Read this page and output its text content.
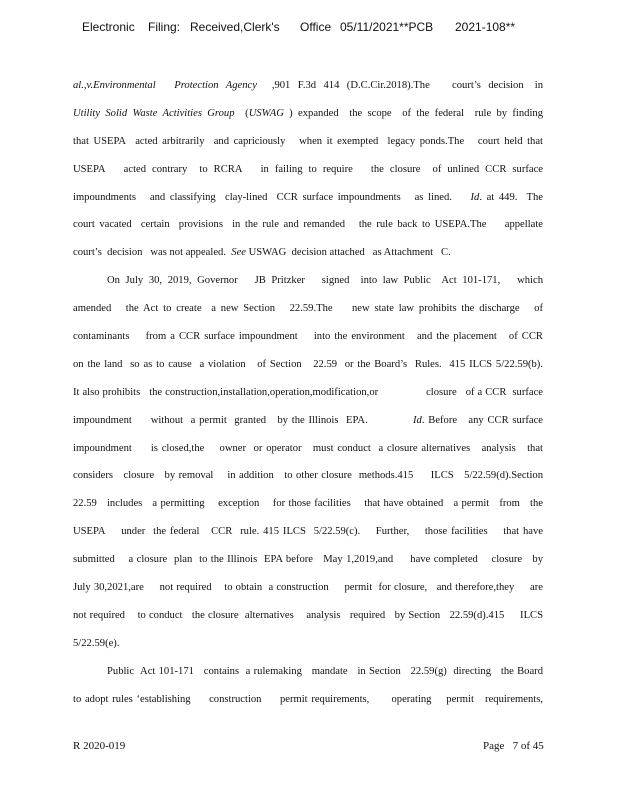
Electronic Filing: Received,Clerk's Office 05/11/2021**PCB 2021-108**
al.,v.Environmental     Protection  Agency    ,901  F.3d  414  (D.C.Cir.2018).The      court’s  decision   in
Utility Solid Waste Activities Group  (USWAG ) expanded  the scope  of the federal  rule by finding
that USEPA  acted arbitrarily  and capriciously   when it exempted  legacy ponds.The   court held that
USEPA   acted contrary  to RCRA   in failing to require   the closure  of unlined CCR surface
impoundments   and classifying  clay-lined  CCR surface impoundments   as lined.    Id. at 449.  The
court vacated  certain  provisions  in the rule and remanded   the rule back to USEPA.The    appellate
court’s  decision   was not appealed.  See USWAG  decision attached   as Attachment   C.
On July 30, 2019, Governor   JB Pritzker   signed  into law Public  Act 101-171,   which
amended   the Act to create  a new Section   22.59.The    new state law prohibits the discharge   of
contaminants    from a CCR surface impoundment    into the environment   and the placement   of CCR
on the land  so as to cause  a violation   of Section   22.59  or the Board’s  Rules.  415 ILCS 5/22.59(b).
It also prohibits   the construction,installation,operation,modification,or                closure   of a CCR  surface
impoundment     without  a permit  granted   by the Illinois  EPA.            Id. Before   any CCR surface
impoundment     is closed,the    owner  or operator   must conduct  a closure alternatives   analysis   that
considers   closure   by removal    in addition   to other closure  methods.415     ILCS   5/22.59(d).Section
22.59   includes   a permitting    exception    for those facilities    that have obtained   a permit   from   the
USEPA    under  the federal   CCR  rule. 415 ILCS  5/22.59(c).    Further,    those facilities    that have
submitted    a closure  plan  to the Illinois  EPA before   May 1,2019,and     have completed    closure   by
July 30,2021,are     not required    to obtain  a construction     permit  for closure,   and therefore,they     are
not required    to conduct   the closure  alternatives    analysis   required   by Section   22.59(d).415     ILCS
5/22.59(e).
Public  Act 101-171   contains  a rulemaking   mandate   in Section   22.59(g)  directing   the Board
to adopt rules ‘establishing     construction     permit requirements,      operating    permit   requirements,
R 2020-019	Page   7 of 45
